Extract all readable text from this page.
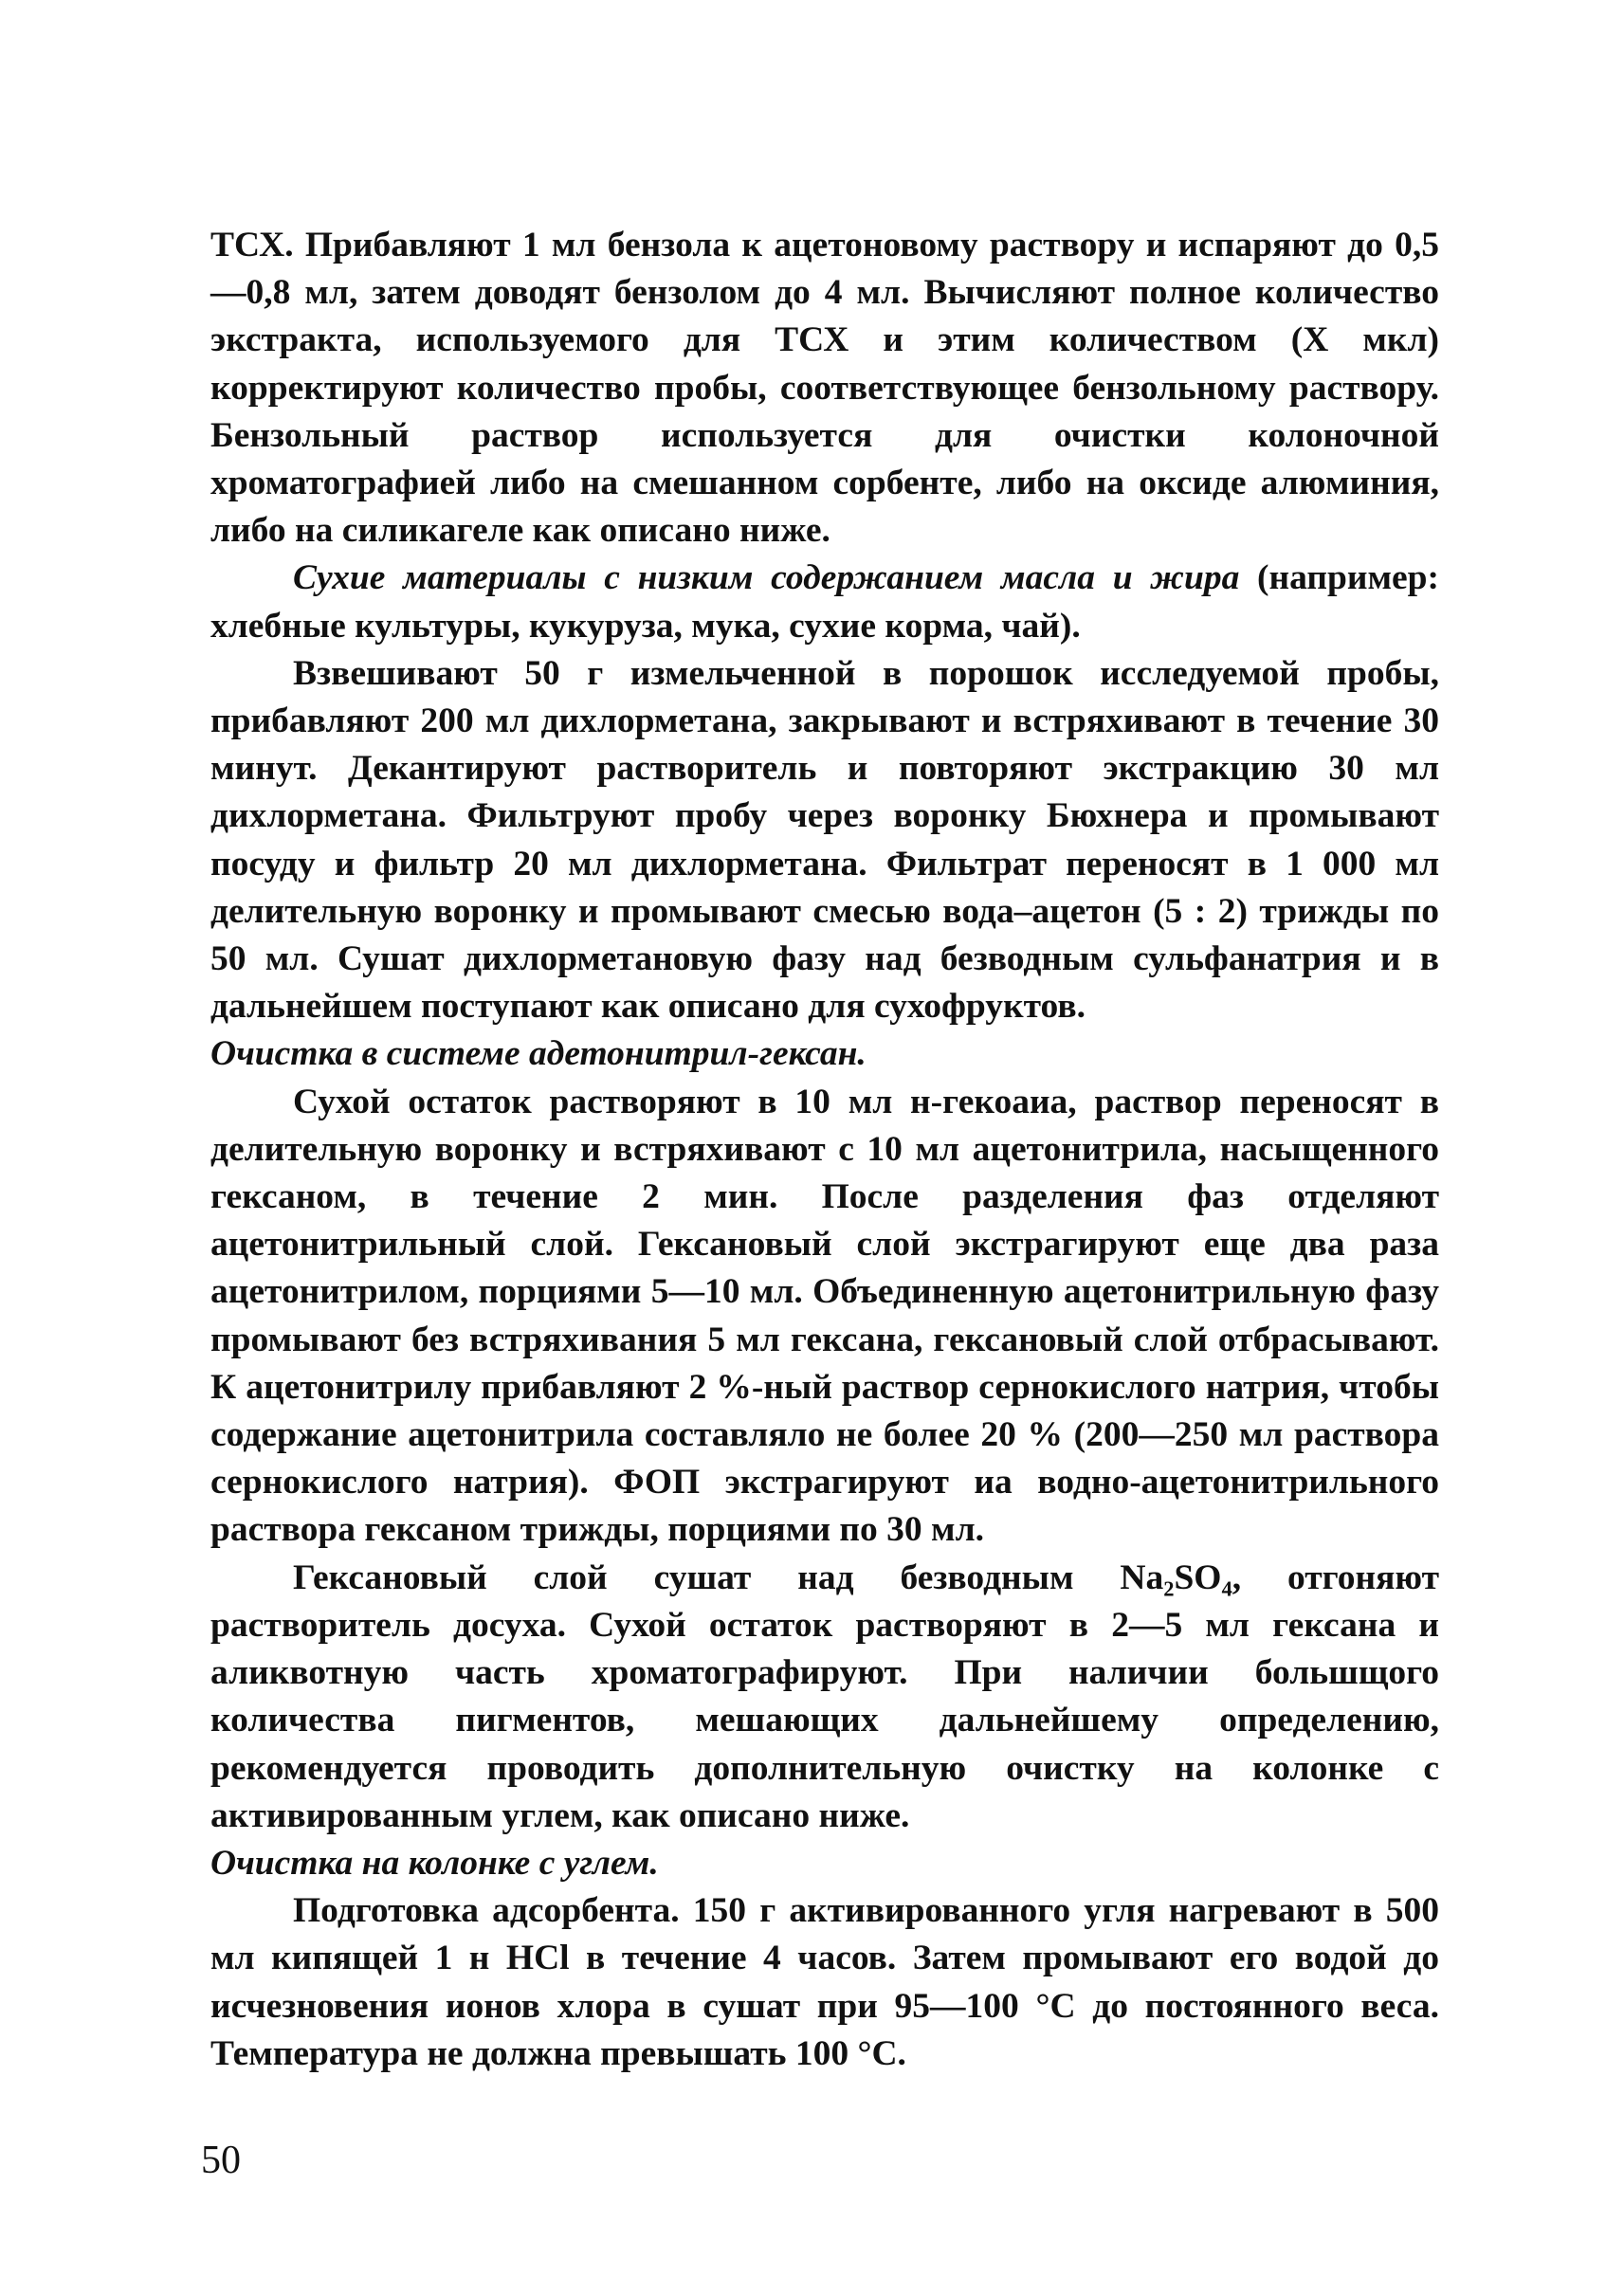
ТСХ. Прибавляют 1 мл бензола к ацетоновому раствору и испаряют до 0,5—0,8 мл, затем доводят бензолом до 4 мл. Вычисляют полное количество экстракта, используемого для ТСХ и этим количеством (X мкл) корректируют количество пробы, соответствующее бензольному раствору. Бензольный раствор используется для очистки колоночной хроматографией либо на смешанном сорбенте, либо на оксиде алюминия, либо на силикагеле как описано ниже.

Сухие материалы с низким содержанием масла и жира (например: хлебные культуры, кукуруза, мука, сухие корма, чай).

Взвешивают 50 г измельченной в порошок исследуемой пробы, прибавляют 200 мл дихлорметана, закрывают и встряхивают в течение 30 минут. Декантируют растворитель и повторяют экстракцию 30 мл дихлорметана. Фильтруют пробу через воронку Бюхнера и промывают посуду и фильтр 20 мл дихлорметана. Фильтрат переносят в 1 000 мл делительную воронку и промывают смесью вода–ацетон (5 : 2) трижды по 50 мл. Сушат дихлорметановую фазу над безводным сульфанатрия и в дальнейшем поступают как описано для сухофруктов.

Очистка в системе адетонитрил-гексан.

Сухой остаток растворяют в 10 мл н-гекоаиа, раствор переносят в делительную воронку и встряхивают с 10 мл ацетонитрила, насыщенного гексаном, в течение 2 мин. После разделения фаз отделяют ацетонитрильный слой. Гексановый слой экстрагируют еще два раза ацетонитрилом, порциями 5—10 мл. Объединенную ацетонитрильную фазу промывают без встряхивания 5 мл гексана, гексановый слой отбрасывают. К ацетонитрилу прибавляют 2 %-ный раствор сернокислого натрия, чтобы содержание ацетонитрила составляло не более 20 % (200—250 мл раствора сернокислого натрия). ФОП экстрагируют иа водно-ацетонитрильного раствора гексаном трижды, порциями по 30 мл.

Гексановый слой сушат над безводным Na₂SO₄, отгоняют растворитель досуха. Сухой остаток растворяют в 2—5 мл гексана и аликвотную часть хроматографируют. При наличии большщого количества пигментов, мешающих дальнейшему определению, рекомендуется проводить дополнительную очистку на колонке с активированным углем, как описано ниже.

Очистка на колонке с углем.

Подготовка адсорбента. 150 г активированного угля нагревают в 500 мл кипящей 1 н HCl в течение 4 часов. Затем промывают его водой до исчезновения ионов хлора в сушат при 95—100 °С до постоянного веса. Температура не должна превышать 100 °С.

50
